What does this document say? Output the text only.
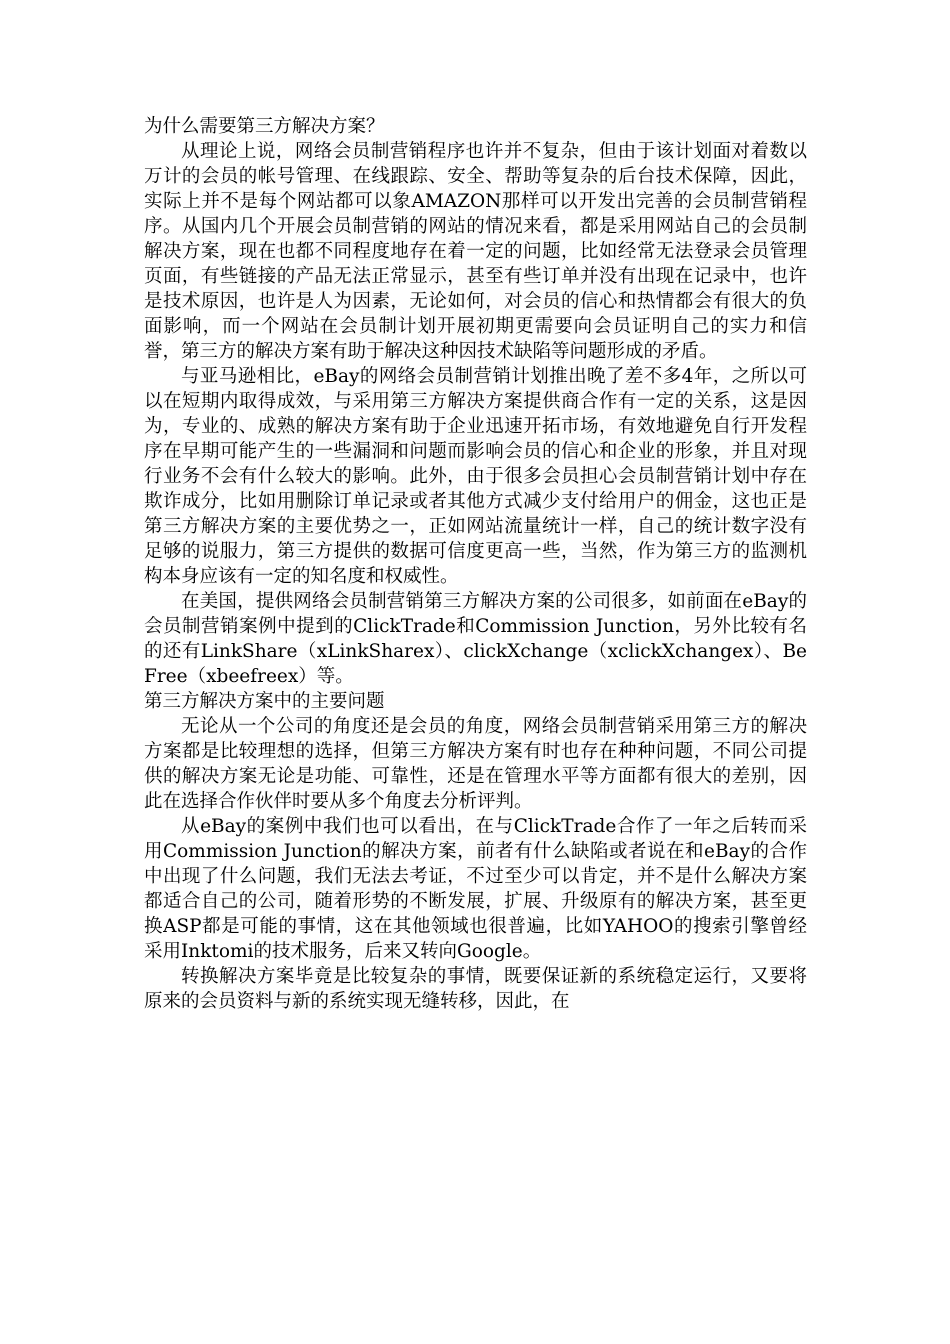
为什么需要第三方解决方案？

从理论上说，网络会员制营销程序也许并不复杂，但由于该计划面对着数以万计的会员的帐号管理、在线跟踪、安全、帮助等复杂的后台技术保障，因此，实际上并不是每个网站都可以象AMAZON那样可以开发出完善的会员制营销程序。从国内几个开展会员制营销的网站的情况来看，都是采用网站自己的会员制解决方案，现在也都不同程度地存在着一定的问题，比如经常无法登录会员管理页面，有些链接的产品无法正常显示，甚至有些订单并没有出现在记录中，也许是技术原因，也许是人为因素，无论如何，对会员的信心和热情都会有很大的负面影响，而一个网站在会员制计划开展初期更需要向会员证明自己的实力和信誉，第三方的解决方案有助于解决这种因技术缺陷等问题形成的矛盾。

与亚马逊相比，eBay的网络会员制营销计划推出晚了差不多4年，之所以可以在短期内取得成效，与采用第三方解决方案提供商合作有一定的关系，这是因为，专业的、成熟的解决方案有助于企业迅速开拓市场，有效地避免自行开发程序在早期可能产生的一些漏洞和问题而影响会员的信心和企业的形象，并且对现行业务不会有什么较大的影响。此外，由于很多会员担心会员制营销计划中存在欺诈成分，比如用删除订单记录或者其他方式减少支付给用户的佣金，这也正是第三方解决方案的主要优势之一，正如网站流量统计一样，自己的统计数字没有足够的说服力，第三方提供的数据可信度更高一些，当然，作为第三方的监测机构本身应该有一定的知名度和权威性。

在美国，提供网络会员制营销第三方解决方案的公司很多，如前面在eBay的会员制营销案例中提到的ClickTrade和Commission Junction，另外比较有名的还有LinkShare（xLinkSharex）、clickXchange（xclickXchangex）、Be Free（xbeefreex）等。

第三方解决方案中的主要问题

无论从一个公司的角度还是会员的角度，网络会员制营销采用第三方的解决方案都是比较理想的选择，但第三方解决方案有时也存在种种问题，不同公司提供的解决方案无论是功能、可靠性，还是在管理水平等方面都有很大的差别，因此在选择合作伙伴时要从多个角度去分析评判。

从eBay的案例中我们也可以看出，在与ClickTrade合作了一年之后转而采用Commission Junction的解决方案，前者有什么缺陷或者说在和eBay的合作中出现了什么问题，我们无法去考证，不过至少可以肯定，并不是什么解决方案都适合自己的公司，随着形势的不断发展，扩展、升级原有的解决方案，甚至更换ASP都是可能的事情，这在其他领域也很普遍，比如YAHOO的搜索引擎曾经采用Inktomi的技术服务，后来又转向Google。

转换解决方案毕竟是比较复杂的事情，既要保证新的系统稳定运行，又要将原来的会员资料与新的系统实现无缝转移，因此，在
